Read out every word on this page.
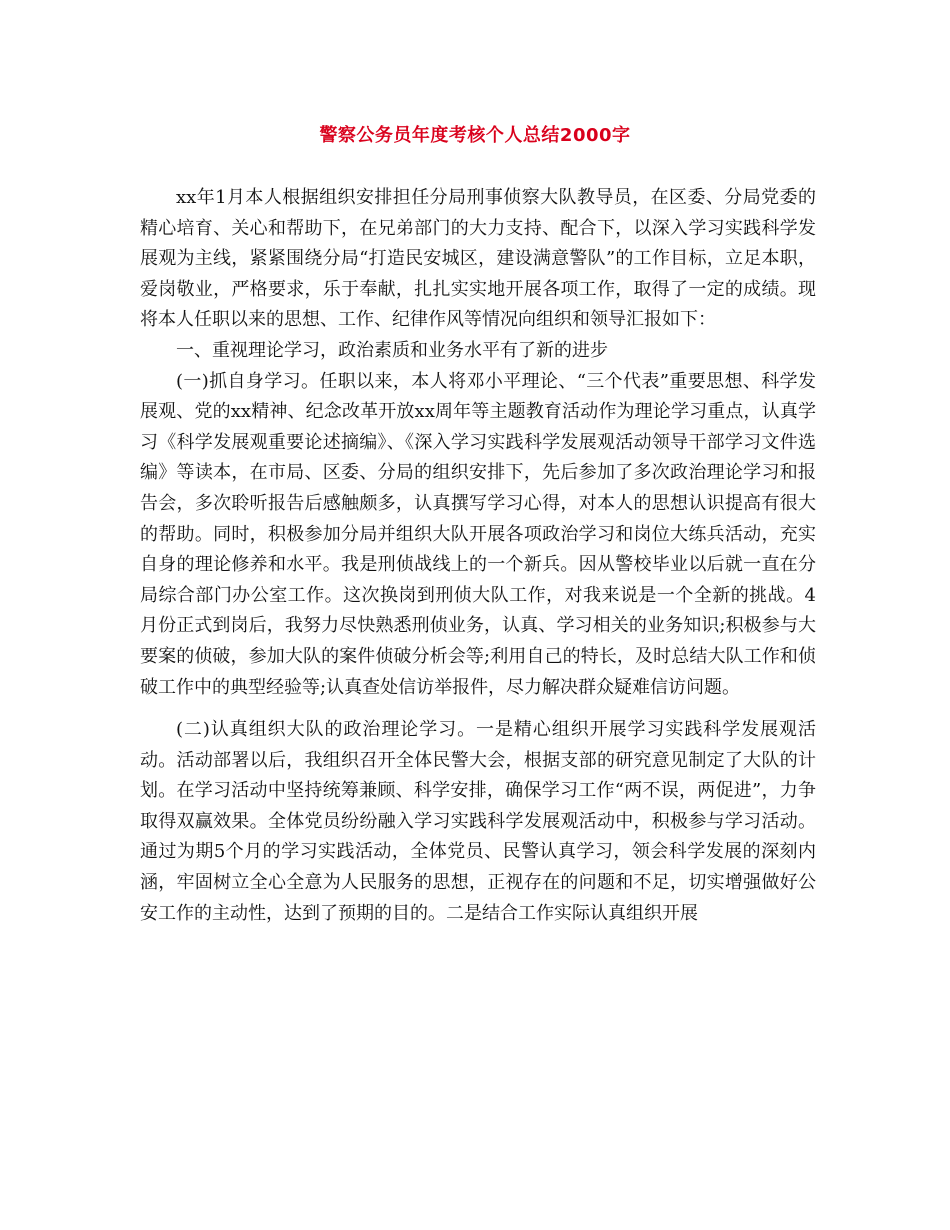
警察公务员年度考核个人总结2000字

xx年1月本人根据组织安排担任分局刑事侦察大队教导员，在区委、分局党委的精心培育、关心和帮助下，在兄弟部门的大力支持、配合下，以深入学习实践科学发展观为主线，紧紧围绕分局“打造民安城区，建设满意警队”的工作目标，立足本职，爱岗敬业，严格要求，乐于奉献，扎扎实实地开展各项工作，取得了一定的成绩。现将本人任职以来的思想、工作、纪律作风等情况向组织和领导汇报如下：

一、重视理论学习，政治素质和业务水平有了新的进步

(一)抓自身学习。任职以来，本人将邓小平理论、“三个代表”重要思想、科学发展观、党的xx精神、纪念改革开放xx周年等主题教育活动作为理论学习重点，认真学习《科学发展观重要论述摘编》、《深入学习实践科学发展观活动领导干部学习文件选编》等读本，在市局、区委、分局的组织安排下，先后参加了多次政治理论学习和报告会，多次聆听报告后感触颇多，认真撰写学习心得，对本人的思想认识提高有很大的帮助。同时，积极参加分局并组织大队开展各项政治学习和岗位大练兵活动，充实自身的理论修养和水平。我是刑侦战线上的一个新兵。因从警校毕业以后就一直在分局综合部门办公室工作。这次换岗到刑侦大队工作，对我来说是一个全新的挑战。4月份正式到岗后，我努力尽快熟悉刑侦业务，认真、学习相关的业务知识;积极参与大要案的侦破，参加大队的案件侦破分析会等;利用自己的特长，及时总结大队工作和侦破工作中的典型经验等;认真查处信访举报件，尽力解决群众疑难信访问题。

(二)认真组织大队的政治理论学习。一是精心组织开展学习实践科学发展观活动。活动部署以后，我组织召开全体民警大会，根据支部的研究意见制定了大队的计划。在学习活动中坚持统筹兼顾、科学安排，确保学习工作“两不误，两促进”，力争取得双赢效果。全体党员纷纷融入学习实践科学发展观活动中，积极参与学习活动。通过为期5个月的学习实践活动，全体党员、民警认真学习，领会科学发展的深刻内涵，牢固树立全心全意为人民服务的思想，正视存在的问题和不足，切实增强做好公安工作的主动性，达到了预期的目的。二是结合工作实际认真组织开展
